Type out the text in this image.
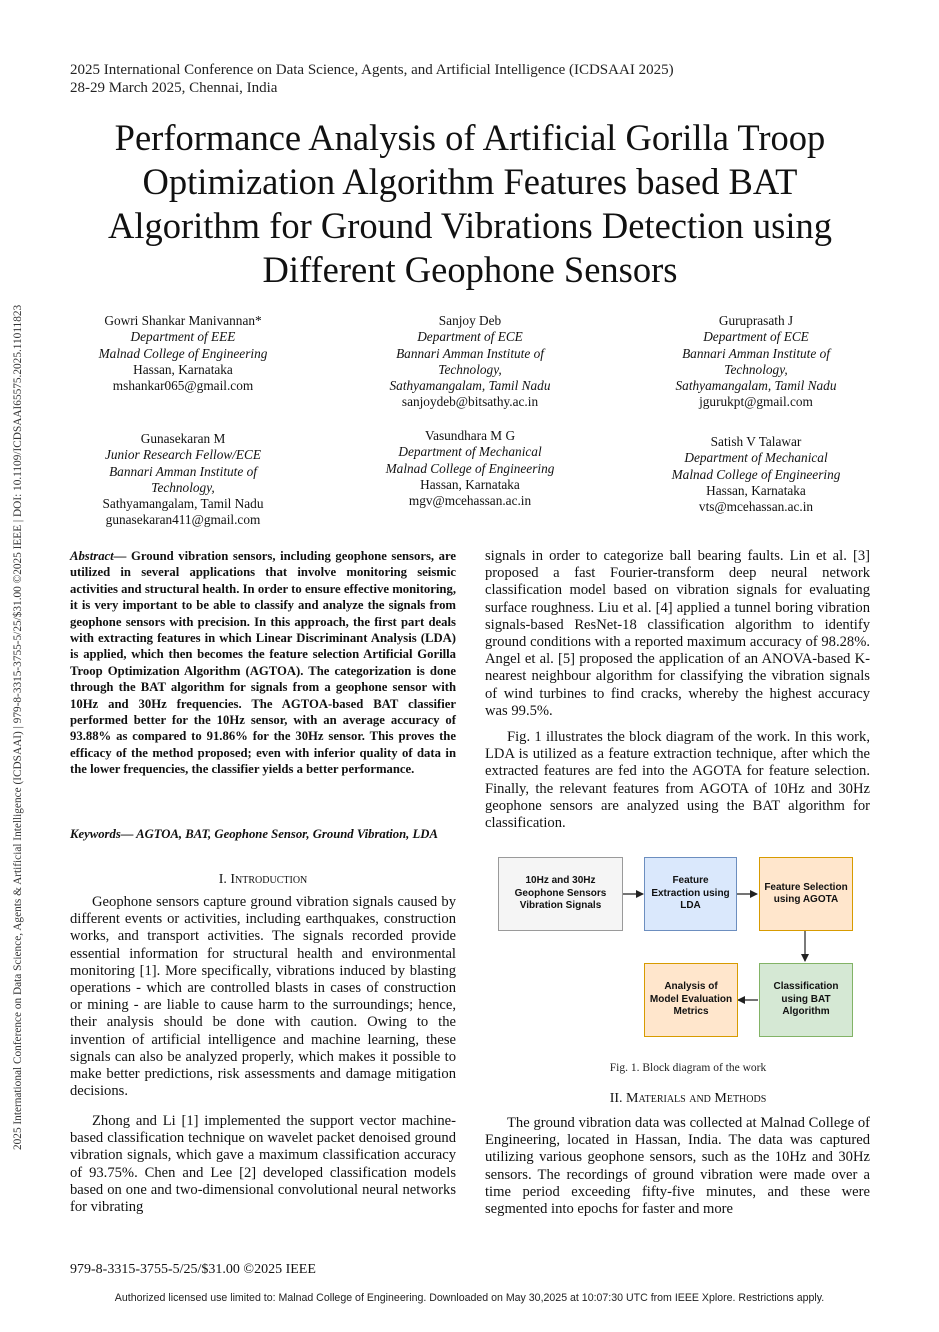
2025 International Conference on Data Science, Agents, and Artificial Intelligence (ICDSAAI 2025)
28-29 March 2025, Chennai, India
Performance Analysis of Artificial Gorilla Troop
Optimization Algorithm Features based BAT
Algorithm for Ground Vibrations Detection using
Different Geophone Sensors
Gowri Shankar Manivannan*
Department of EEE
Malnad College of Engineering
Hassan, Karnataka
mshankar065@gmail.com
Sanjoy Deb
Department of ECE
Bannari Amman Institute of Technology,
Sathyamangalam, Tamil Nadu
sanjoydeb@bitsathy.ac.in
Guruprasath J
Department of ECE
Bannari Amman Institute of Technology,
Sathyamangalam, Tamil Nadu
jgurukpt@gmail.com
Gunasekaran M
Junior Research Fellow/ECE
Bannari Amman Institute of Technology,
Sathyamangalam, Tamil Nadu
gunasekaran411@gmail.com
Vasundhara M G
Department of Mechanical
Malnad College of Engineering
Hassan, Karnataka
mgv@mcehassan.ac.in
Satish V Talawar
Department of Mechanical
Malnad College of Engineering
Hassan, Karnataka
vts@mcehassan.ac.in
2025 International Conference on Data Science, Agents & Artificial Intelligence (ICDSAAI) | 979-8-3315-3755-5/25/$31.00 ©2025 IEEE | DOI: 10.1109/ICDSAAI65575.2025.11011823	Abstract— Ground vibration sensors, including geophone sensors, are utilized in several applications that involve monitoring seismic activities and structural health. In order to ensure effective monitoring, it is very important to be able to classify and analyze the signals from geophone sensors with precision. In this approach, the first part deals with extracting features in which Linear Discriminant Analysis (LDA) is applied, which then becomes the feature selection Artificial Gorilla Troop Optimization Algorithm (AGTOA). The categorization is done through the BAT algorithm for signals from a geophone sensor with 10Hz and 30Hz frequencies. The AGTOA-based BAT classifier performed better for the 10Hz sensor, with an average accuracy of 93.88% as compared to 91.86% for the 30Hz sensor. This proves the efficacy of the method proposed; even with inferior quality of data in the lower frequencies, the classifier yields a better performance.
Keywords— AGTOA, BAT, Geophone Sensor, Ground Vibration, LDA
I. Introduction
Geophone sensors capture ground vibration signals caused by different events or activities, including earthquakes, construction works, and transport activities. The signals recorded provide essential information for structural health and environmental monitoring [1]. More specifically, vibrations induced by blasting operations - which are controlled blasts in cases of construction or mining - are liable to cause harm to the surroundings; hence, their analysis should be done with caution. Owing to the invention of artificial intelligence and machine learning, these signals can also be analyzed properly, which makes it possible to make better predictions, risk assessments and damage mitigation decisions.
Zhong and Li [1] implemented the support vector machine-based classification technique on wavelet packet denoised ground vibration signals, which gave a maximum classification accuracy of 93.75%. Chen and Lee [2] developed classification models based on one and two-dimensional convolutional neural networks for vibrating
signals in order to categorize ball bearing faults. Lin et al. [3] proposed a fast Fourier-transform deep neural network classification model based on vibration signals for evaluating surface roughness. Liu et al. [4] applied a tunnel boring vibration signals-based ResNet-18 classification algorithm to identify ground conditions with a reported maximum accuracy of 98.28%. Angel et al. [5] proposed the application of an ANOVA-based K-nearest neighbour algorithm for classifying the vibration signals of wind turbines to find cracks, whereby the highest accuracy was 99.5%.
Fig. 1 illustrates the block diagram of the work. In this work, LDA is utilized as a feature extraction technique, after which the extracted features are fed into the AGOTA for feature selection. Finally, the relevant features from AGOTA of 10Hz and 30Hz geophone sensors are analyzed using the BAT algorithm for classification.
10Hz and 30Hz Geophone Sensors Vibration Signals
Feature Extraction using LDA
Feature Selection using AGOTA
Classification using BAT Algorithm
Analysis of Model Evaluation Metrics
Fig. 1. Block diagram of the work
II. Materials and Methods
The ground vibration data was collected at Malnad College of Engineering, located in Hassan, India. The data was captured utilizing various geophone sensors, such as the 10Hz and 30Hz sensors. The recordings of ground vibration were made over a time period exceeding fifty-five minutes, and these were segmented into epochs for faster and more
979-8-3315-3755-5/25/$31.00 ©2025 IEEE
Authorized licensed use limited to: Malnad College of Engineering. Downloaded on May 30,2025 at 10:07:30 UTC from IEEE Xplore. Restrictions apply.
